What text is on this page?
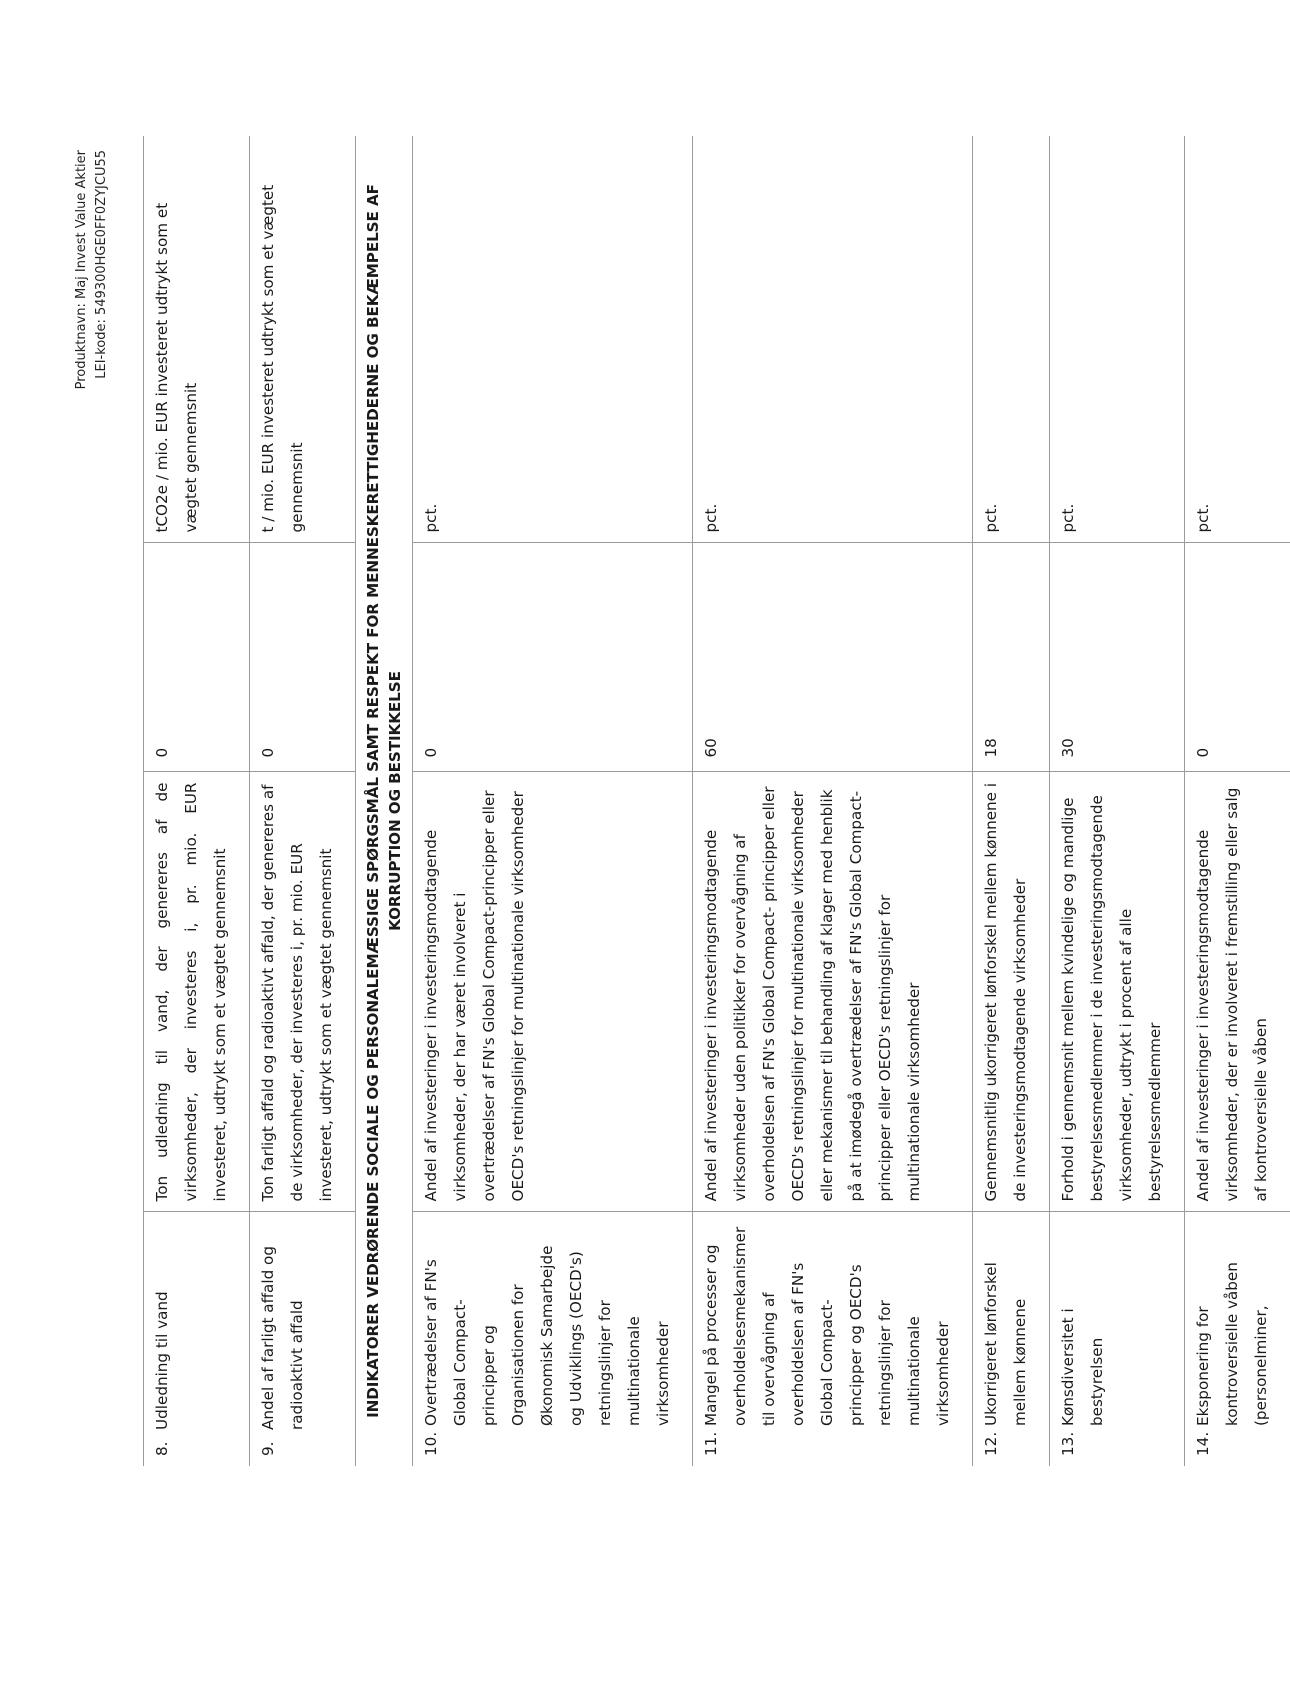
Produktnavn: Maj Invest Value Aktier LEI-kode: 549300HGE0FF0ZYJCU55
8.
Udledning til vand	Ton udledning til vand, der genereres af de virksomheder, der investeres i, pr. mio. EUR investeret, udtrykt som et vægtet gennemsnit	0	tCO2e / mio. EUR investeret udtrykt som et vægtet gennemsnit

9.
Andel af farligt affald og radioaktivt affald	Ton farligt affald og radioaktivt affald, der genereres af de virksomheder, der investeres i, pr. mio. EUR investeret, udtrykt som et vægtet gennemsnit	0	t / mio. EUR investeret udtrykt som et vægtet gennemsnit
INDIKATORER VEDRØRENDE SOCIALE OG PERSONALEMÆSSIGE SPØRGSMÅL SAMT RESPEKT FOR MENNESKERETTIGHEDERNE OG BEKÆMPELSE AF KORRUPTION OG BESTIKKELSE			

10.
Overtrædelser af FN's Global Compact-principper og Organisationen for Økonomisk Samarbejde og Udviklings (OECD's) retningslinjer for multinationale virksomheder	Andel af investeringer i investeringsmodtagende virksomheder, der har været involveret i overtrædelser af FN's Global Compact-principper eller OECD's retningslinjer for multinationale virksomheder	0	pct.

11.
Mangel på processer og overholdelsesmekanismer til overvågning af overholdelsen af FN's Global Compact-principper og OECD's retningslinjer for multinationale virksomheder	Andel af investeringer i investeringsmodtagende virksomheder uden politikker for overvågning af overholdelsen af FN's Global Compact- principper eller OECD's retningslinjer for multinationale virksomheder eller mekanismer til behandling af klager med henblik på at imødegå overtrædelser af FN's Global Compact- principper eller OECD's retningslinjer for multinationale virksomheder	60	pct.

12.
Ukorrigeret lønforskel mellem kønnene	Gennemsnitlig ukorrigeret lønforskel mellem kønnene i de investeringsmodtagende virksomheder	18	pct.

13.
Kønsdiversitet i bestyrelsen	Forhold i gennemsnit mellem kvindelige og mandlige bestyrelsesmedlemmer i de investeringsmodtagende virksomheder, udtrykt i procent af alle bestyrelsesmedlemmer	30	pct.

14.
Eksponering for kontroversielle våben (personelminer,	Andel af investeringer i investeringsmodtagende virksomheder, der er involveret i fremstilling eller salg af kontroversielle våben	0	pct.
